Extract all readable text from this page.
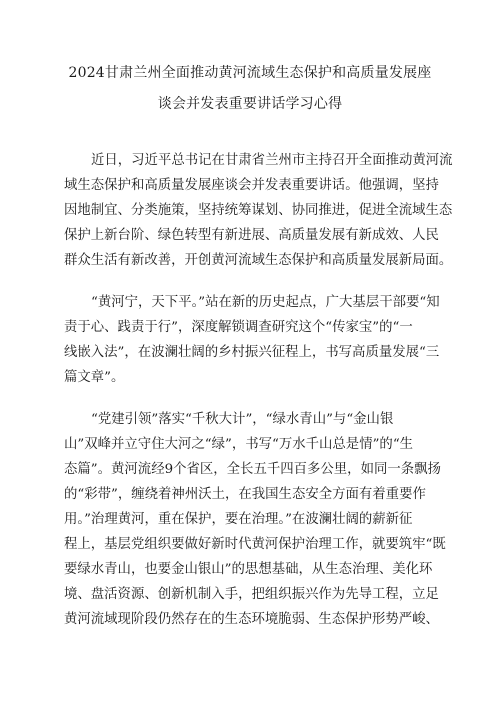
2024甘肃兰州全面推动黄河流域生态保护和高质量发展座
谈会并发表重要讲话学习心得
近日，习近平总书记在甘肃省兰州市主持召开全面推动黄河流
域生态保护和高质量发展座谈会并发表重要讲话。他强调，坚持
因地制宜、分类施策，坚持统筹谋划、协同推进，促进全流域生态
保护上新台阶、绿色转型有新进展、高质量发展有新成效、人民
群众生活有新改善，开创黄河流域生态保护和高质量发展新局面。
“黄河宁，天下平。”站在新的历史起点，广大基层干部要“知
责于心、践责于行”，深度解锁调查研究这个“传家宝”的“一
线嵌入法”，在波澜壮阔的乡村振兴征程上，书写高质量发展“三
篇文章”。
“党建引领”落实“千秋大计”，“绿水青山”与“金山银
山”双峰并立守住大河之“绿”，书写“万水千山总是情”的“生
态篇”。黄河流经9个省区，全长五千四百多公里，如同一条飘扬
的“彩带”，缠绕着神州沃土，在我国生态安全方面有着重要作
用。”治理黄河，重在保护，要在治理。”在波澜壮阔的薪新征
程上，基层党组织要做好新时代黄河保护治理工作，就要筑牢“既
要绿水青山，也要金山银山”的思想基础，从生态治理、美化环
境、盘活资源、创新机制入手，把组织振兴作为先导工程，立足
黄河流域现阶段仍然存在的生态环境脆弱、生态保护形势严峻、
